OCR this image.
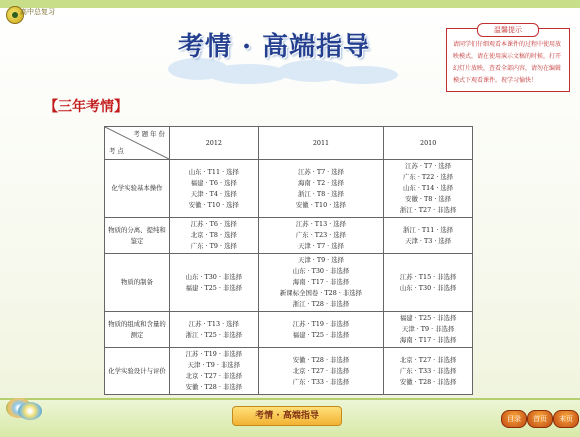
高中总复习
考情 · 高端指导
温馨提示
请同学们仔细观看本课件的过程中使用放映模式，请在使用演示文稿的时候，打开幻灯片放映，查看全部内容，请勿在编辑模式下观看课件。祝学习愉快！
【三年考情】
考 题 年 份
考 点	2012	2011	2010
化学实验基本操作	山东 · T11 · 选择
福建 · T6 · 选择
天津 · T4 · 选择
安徽 · T10 · 选择	江苏 · T7 · 选择
海南 · T2 · 选择
浙江 · T8 · 选择
安徽 · T10 · 选择	江苏 · T7 · 选择
广东 · T22 · 选择
山东 · T14 · 选择
安徽 · T8 · 选择
浙江 · T27 · 非选择

物质的分离、提纯和鉴定	江苏 · T6 · 选择
北京 · T8 · 选择
广东 · T9 · 选择	江苏 · T13 · 选择
广东 · T23 · 选择
天津 · T7 · 选择	浙江 · T11 · 选择
天津 · T3 · 选择

物质的制备	山东 · T30 · 非选择
福建 · T25 · 非选择	天津 · T9 · 选择
山东 · T30 · 非选择
海南 · T17 · 非选择
新课标全国卷 · T28 · 非选择
浙江 · T28 · 非选择	江苏 · T15 · 非选择
山东 · T30 · 非选择

物质的组成和含量的测定	江苏 · T13 · 选择
浙江 · T25 · 非选择	江苏 · T19 · 非选择
福建 · T25 · 非选择	福建 · T25 · 非选择
天津 · T9 · 非选择
海南 · T17 · 非选择

化学实验设计与评价	江苏 · T19 · 非选择
天津 · T9 · 非选择
北京 · T27 · 非选择
安徽 · T28 · 非选择	安徽 · T28 · 非选择
北京 · T27 · 非选择
广东 · T33 · 非选择	北京 · T27 · 非选择
广东 · T33 · 非选择
安徽 · T28 · 非选择
考情 · 高端指导	目录	首页	末页
